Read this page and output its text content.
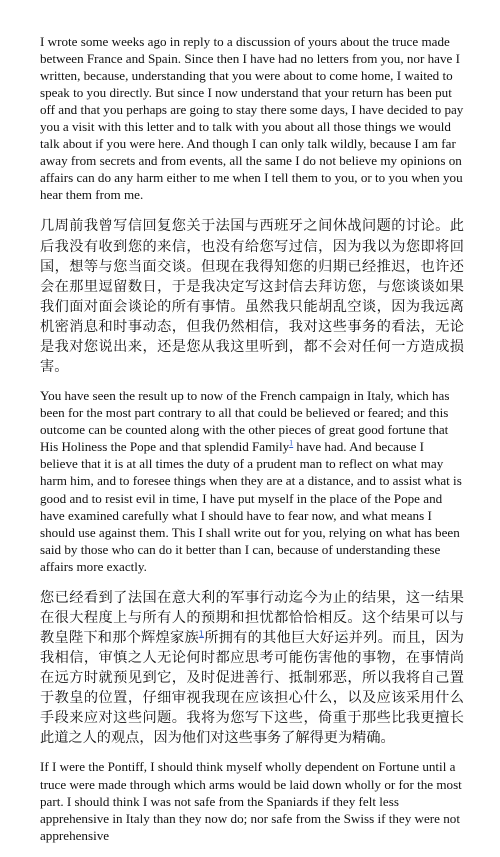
I wrote some weeks ago in reply to a discussion of yours about the truce made between France and Spain. Since then I have had no letters from you, nor have I written, because, understanding that you were about to come home, I waited to speak to you directly. But since I now understand that your return has been put off and that you perhaps are going to stay there some days, I have decided to pay you a visit with this letter and to talk with you about all those things we would talk about if you were here. And though I can only talk wildly, because I am far away from secrets and from events, all the same I do not believe my opinions on affairs can do any harm either to me when I tell them to you, or to you when you hear them from me.

几周前我曾写信回复您关于法国与西班牙之间休战问题的讨论。此后我没有收到您的来信，也没有给您写过信，因为我以为您即将回国，想等与您当面交谈。但现在我得知您的归期已经推迟，也许还会在那里逗留数日，于是我决定写这封信去拜访您，与您谈谈如果我们面对面会谈论的所有事情。虽然我只能胡乱空谈，因为我远离机密消息和时事动态，但我仍然相信，我对这些事务的看法，无论是我对您说出来，还是您从我这里听到，都不会对任何一方造成损害。

You have seen the result up to now of the French campaign in Italy, which has been for the most part contrary to all that could be believed or feared; and this outcome can be counted along with the other pieces of great good fortune that His Holiness the Pope and that splendid Family$^1$ have had. And because I believe that it is at all times the duty of a prudent man to reflect on what may harm him, and to foresee things when they are at a distance, and to assist what is good and to resist evil in time, I have put myself in the place of the Pope and have examined carefully what I should have to fear now, and what means I should use against them. This I shall write out for you, relying on what has been said by those who can do it better than I can, because of understanding these affairs more exactly.

您已经看到了法国在意大利的军事行动迄今为止的结果，这一结果在很大程度上与所有人的预期和担忧都恰恰相反。这个结果可以与教皇陛下和那个辉煌家族$^1$所拥有的其他巨大好运并列。而且，因为我相信，审慎之人无论何时都应思考可能伤害他的事物，在事情尚在远方时就预见到它，及时促进善行、抵制邪恶，所以我将自己置于教皇的位置，仔细审视我现在应该担心什么，以及应该采用什么手段来应对这些问题。我将为您写下这些，倚重于那些比我更擅长此道之人的观点，因为他们对这些事务了解得更为精确。

If I were the Pontiff, I should think myself wholly dependent on Fortune until a truce were made through which arms would be laid down wholly or for the most part. I should think I was not safe from the Spaniards if they felt less apprehensive in Italy than they now do; nor safe from the Swiss if they were not apprehensive
